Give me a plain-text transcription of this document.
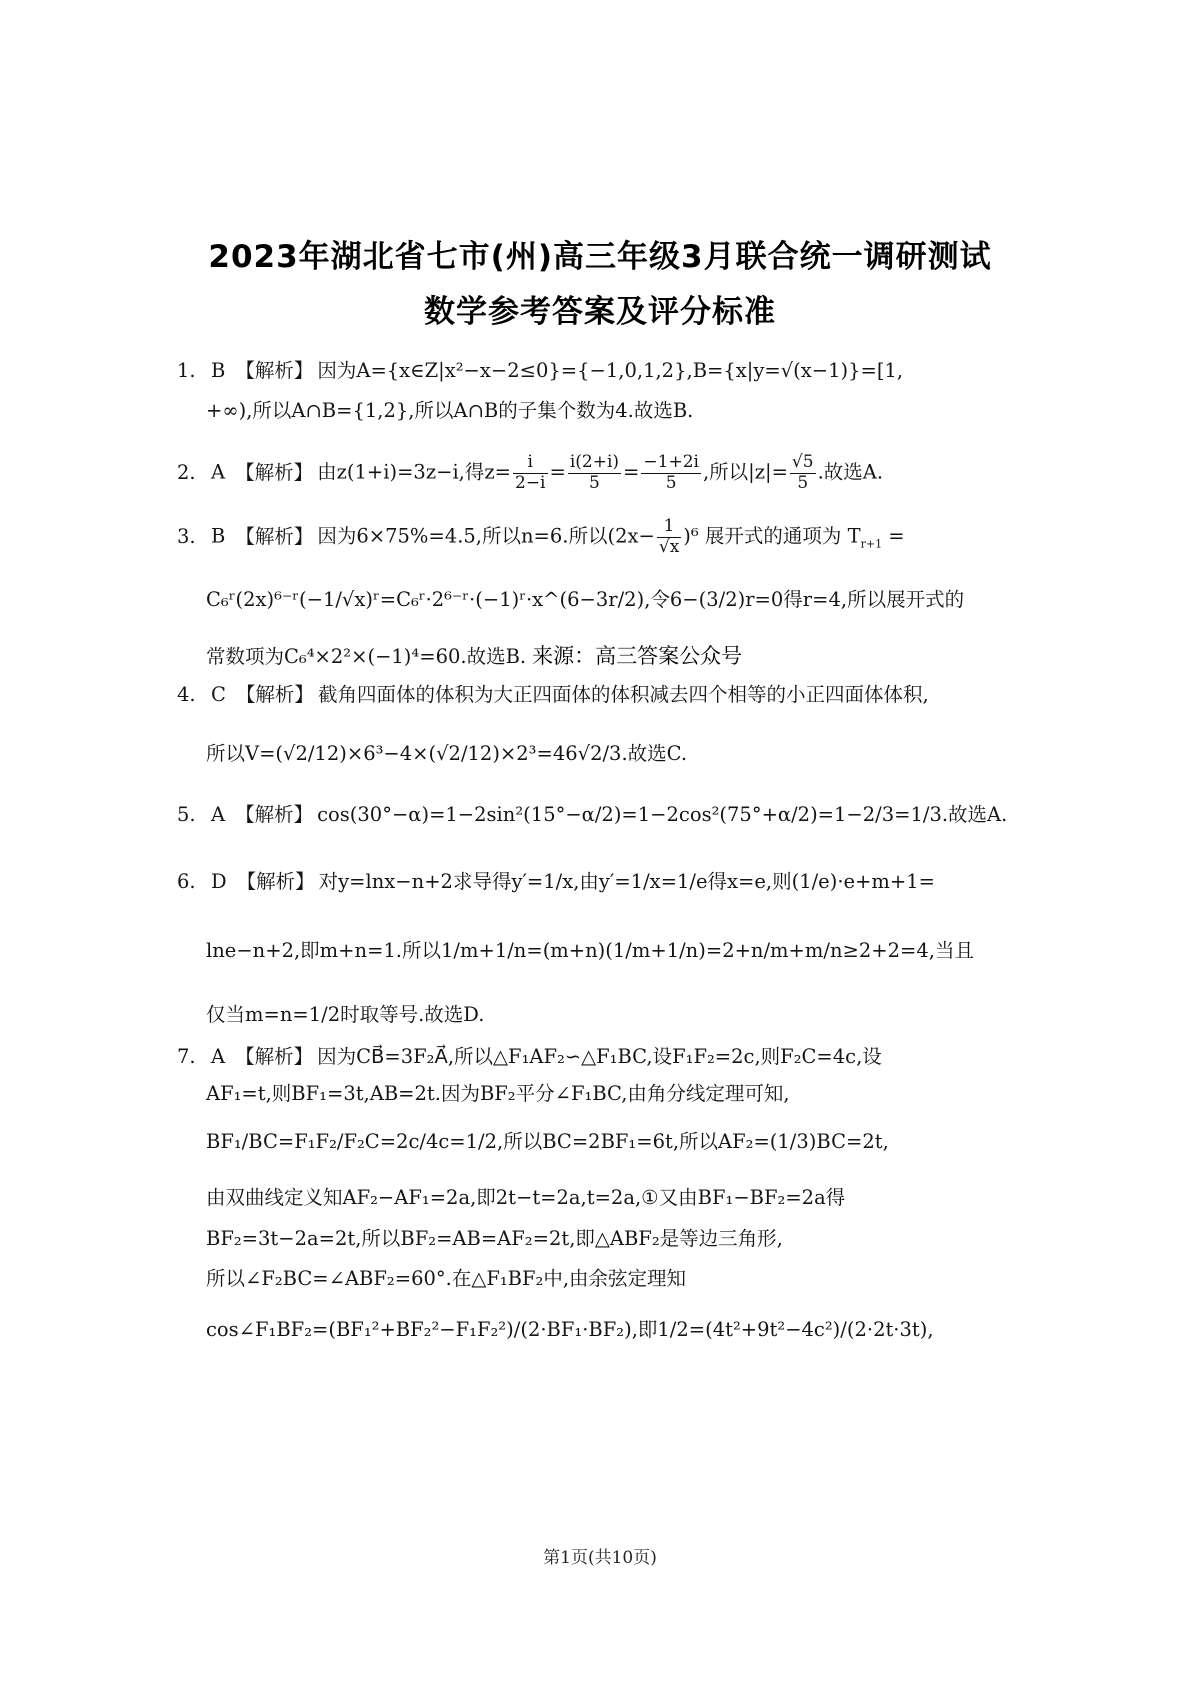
2023年湖北省七市(州)高三年级3月联合统一调研测试
数学参考答案及评分标准
1. B 【解析】 因为A={x∈Z|x²−x−2≤0}={−1,0,1,2},B={x|y=√(x−1)}=[1,
+∞),所以A∩B={1,2},所以A∩B的子集个数为4.故选B.
2. A 【解析】 由z(1+i)=3z−i,得$z= \frac{i}{2-i} = \frac{i(2+i)}{5} = \frac{-1+2i}{5}$ ,所以$|z|= \frac{√5}{5}$ .故选A.
3. B 【解析】 因为6×75%=4.5,所以n=6.所以$(2x- \frac{1}{√x} )^6$ 展开式的通项为 $T_{r+1}$ =
C₆ʳ(2x)⁶⁻ʳ(−1/√x)ʳ=C₆ʳ·2⁶⁻ʳ·(−1)ʳ·x^(6−3r/2),令6−(3/2)r=0得r=4,所以展开式的
常数项为C₆⁴×2²×(−1)⁴=60.故选B. 来源：高三答案公众号
4. C 【解析】 截角四面体的体积为大正四面体的体积减去四个相等的小正四面体体积,
所以V=(√2/12)×6³−4×(√2/12)×2³=46√2/3.故选C.
5. A 【解析】 cos(30°−α)=1−2sin²(15°−α/2)=1−2cos²(75°+α/2)=1−2/3=1/3.故选A.
6. D 【解析】 对y=lnx−n+2求导得y′=1/x,由y′=1/x=1/e得x=e,则(1/e)·e+m+1=
lne−n+2,即m+n=1.所以1/m+1/n=(m+n)(1/m+1/n)=2+n/m+m/n≥2+2=4,当且
仅当m=n=1/2时取等号.故选D.
7. A 【解析】 因为CB⃗=3F₂A⃗,所以△F₁AF₂∽△F₁BC,设F₁F₂=2c,则F₂C=4c,设
AF₁=t,则BF₁=3t,AB=2t.因为BF₂平分∠F₁BC,由角分线定理可知,
BF₁/BC=F₁F₂/F₂C=2c/4c=1/2,所以BC=2BF₁=6t,所以AF₂=(1/3)BC=2t,
由双曲线定义知AF₂−AF₁=2a,即2t−t=2a,t=2a,①又由BF₁−BF₂=2a得
BF₂=3t−2a=2t,所以BF₂=AB=AF₂=2t,即△ABF₂是等边三角形,
所以∠F₂BC=∠ABF₂=60°.在△F₁BF₂中,由余弦定理知
cos∠F₁BF₂=(BF₁²+BF₂²−F₁F₂²)/(2·BF₁·BF₂),即1/2=(4t²+9t²−4c²)/(2·2t·3t),
第1页(共10页)
